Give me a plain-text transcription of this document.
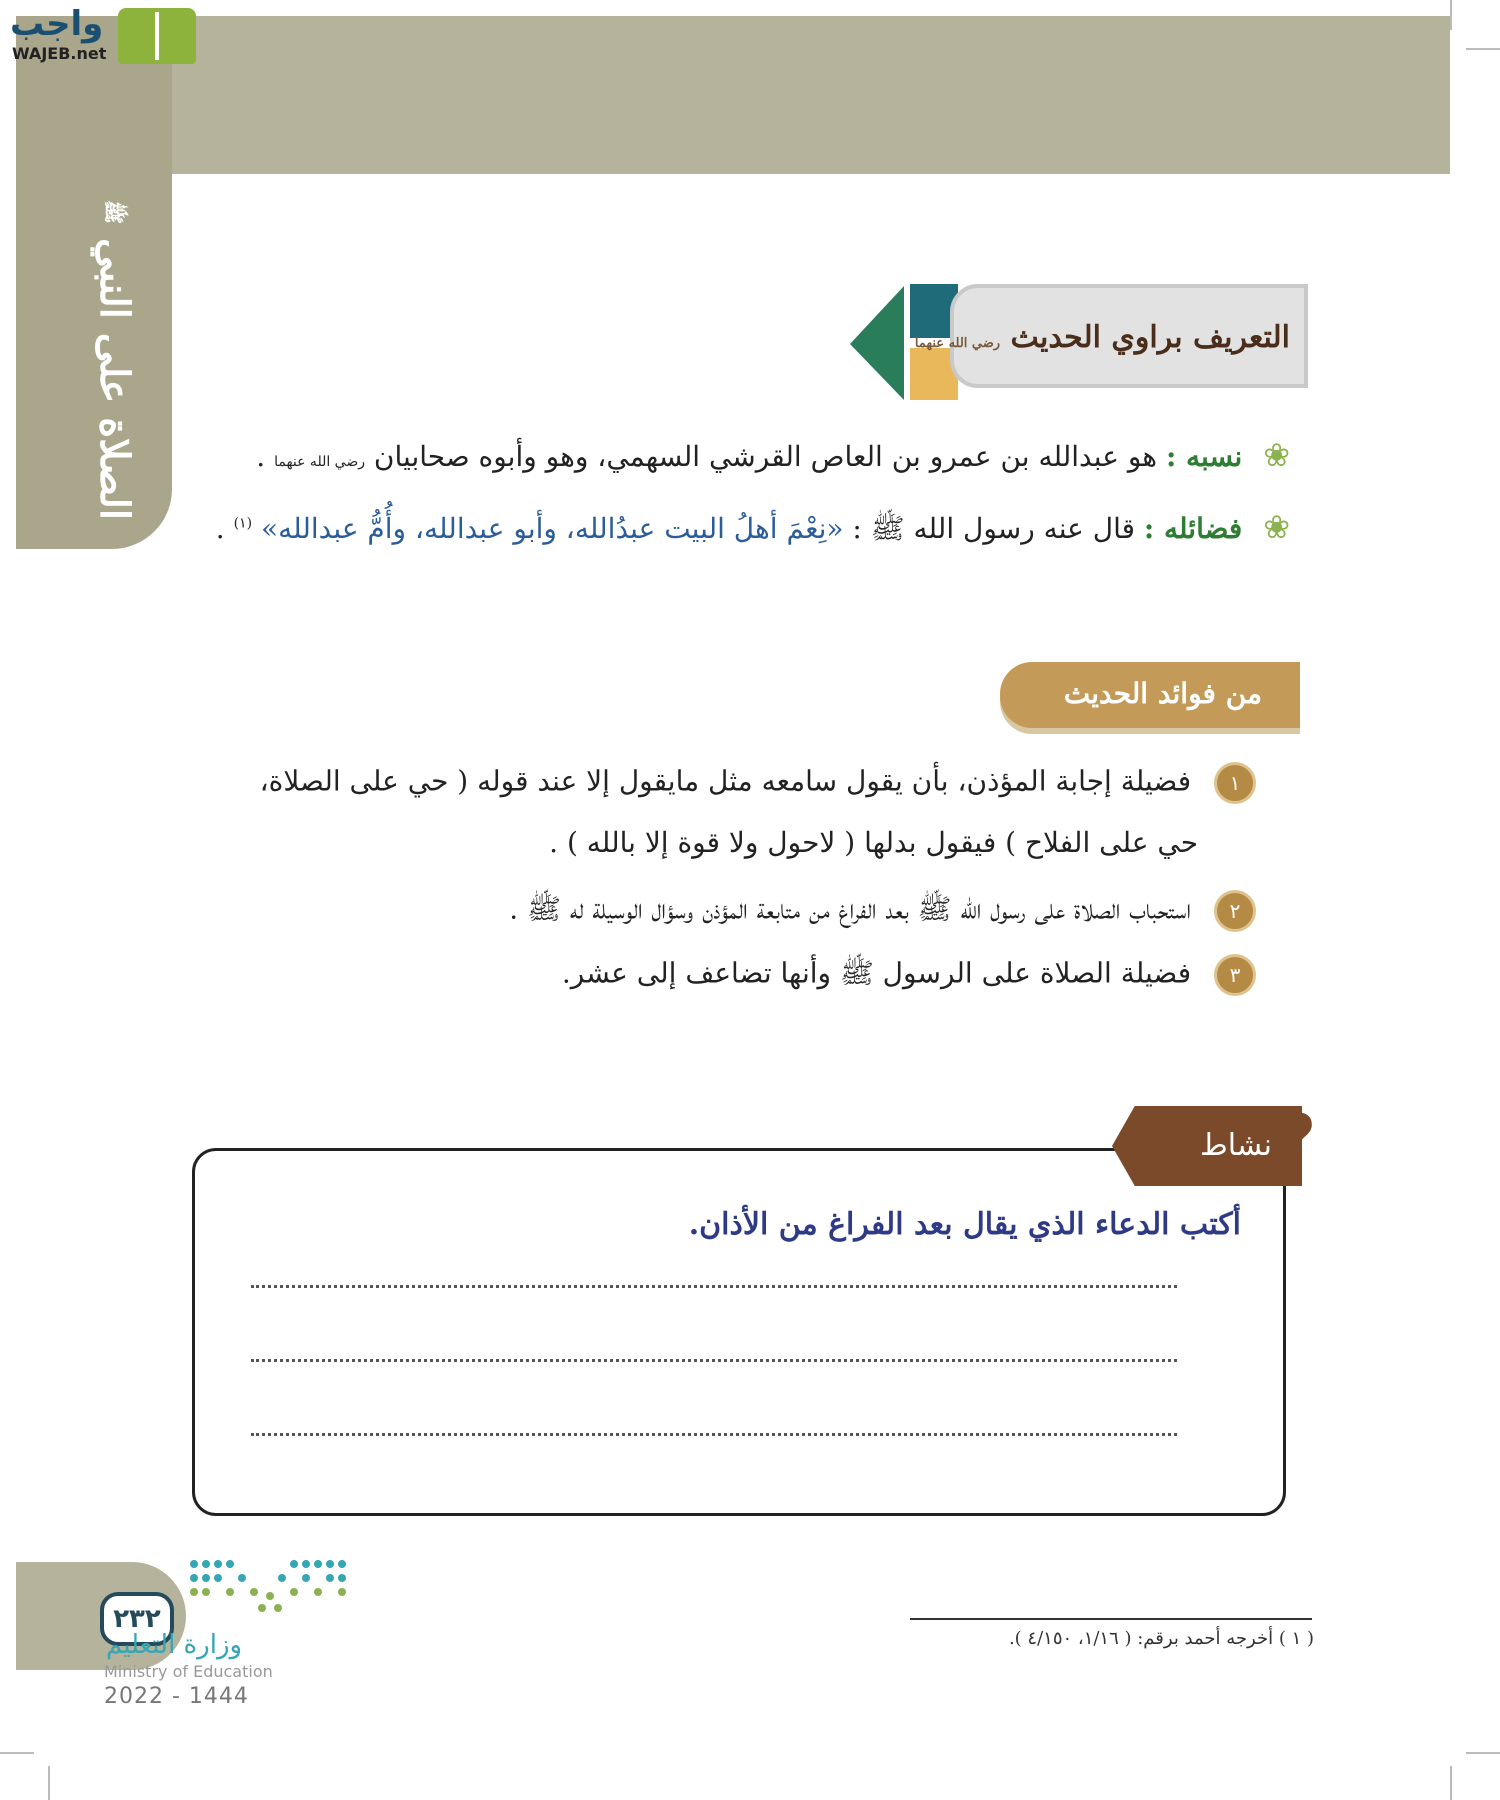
الصلاة على النبي ﷺ
واجب
WAJEB.net
التعريف براوي الحديث رضي الله عنهما
❀ نسبه : هو عبدالله بن عمرو بن العاص القرشي السهمي، وهو وأبوه صحابيان رضي الله عنهما .
❀ فضائله : قال عنه رسول الله ﷺ : «نِعْمَ أهلُ البيت عبدُالله، وأبو عبدالله، وأُمُّ عبدالله» $^{(١)}$ .
من فوائد الحديث
١ فضيلة إجابة المؤذن، بأن يقول سامعه مثل مايقول إلا عند قوله ( حي على الصلاة،
حي على الفلاح ) فيقول بدلها ( لاحول ولا قوة إلا بالله ) .
٢ استحباب الصلاة على رسول الله ﷺ بعد الفراغ من متابعة المؤذن وسؤال الوسيلة له ﷺ .
٣ فضيلة الصلاة على الرسول ﷺ وأنها تضاعف إلى عشر.
أكتب الدعاء الذي يقال بعد الفراغ من الأذان.
نشاط ?
٢٣٢
وزارة التعليم
Ministry of Education
2022 - 1444
( ١ ) أخرجه أحمد برقم: ( ١/١٦، ٤/١٥٠ ).
